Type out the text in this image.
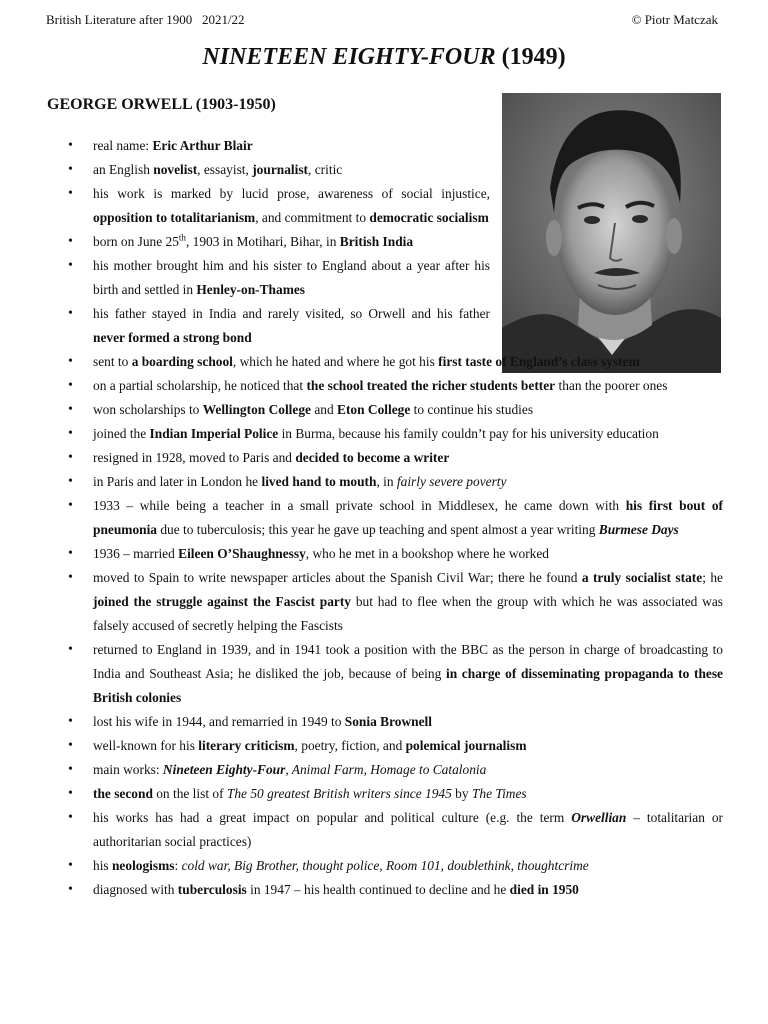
British Literature after 1900   2021/22	© Piotr Matczak
NINETEEN EIGHTY-FOUR (1949)
GEORGE ORWELL (1903-1950)
• real name: Eric Arthur Blair
• an English novelist, essayist, journalist, critic
• his work is marked by lucid prose, awareness of social injustice, opposition to totalitarianism, and commitment to democratic socialism
• born on June 25th, 1903 in Motihari, Bihar, in British India
• his mother brought him and his sister to England about a year after his birth and settled in Henley-on-Thames
• his father stayed in India and rarely visited, so Orwell and his father never formed a strong bond
• sent to a boarding school, which he hated and where he got his first taste of England’s class system
• on a partial scholarship, he noticed that the school treated the richer students better than the poorer ones
• won scholarships to Wellington College and Eton College to continue his studies
• joined the Indian Imperial Police in Burma, because his family couldn’t pay for his university education
• resigned in 1928, moved to Paris and decided to become a writer
• in Paris and later in London he lived hand to mouth, in fairly severe poverty
• 1933 – while being a teacher in a small private school in Middlesex, he came down with his first bout of pneumonia due to tuberculosis; this year he gave up teaching and spent almost a year writing Burmese Days
• 1936 – married Eileen O’Shaughnessy, who he met in a bookshop where he worked
• moved to Spain to write newspaper articles about the Spanish Civil War; there he found a truly socialist state; he joined the struggle against the Fascist party but had to flee when the group with which he was associated was falsely accused of secretly helping the Fascists
• returned to England in 1939, and in 1941 took a position with the BBC as the person in charge of broadcasting to India and Southeast Asia; he disliked the job, because of being in charge of disseminating propaganda to these British colonies
• lost his wife in 1944, and remarried in 1949 to Sonia Brownell
• well-known for his literary criticism, poetry, fiction, and polemical journalism
• main works: Nineteen Eighty-Four, Animal Farm, Homage to Catalonia
• the second on the list of The 50 greatest British writers since 1945 by The Times
• his works has had a great impact on popular and political culture (e.g. the term Orwellian – totalitarian or authoritarian social practices)
• his neologisms: cold war, Big Brother, thought police, Room 101, doublethink, thoughtcrime
• diagnosed with tuberculosis in 1947 – his health continued to decline and he died in 1950
